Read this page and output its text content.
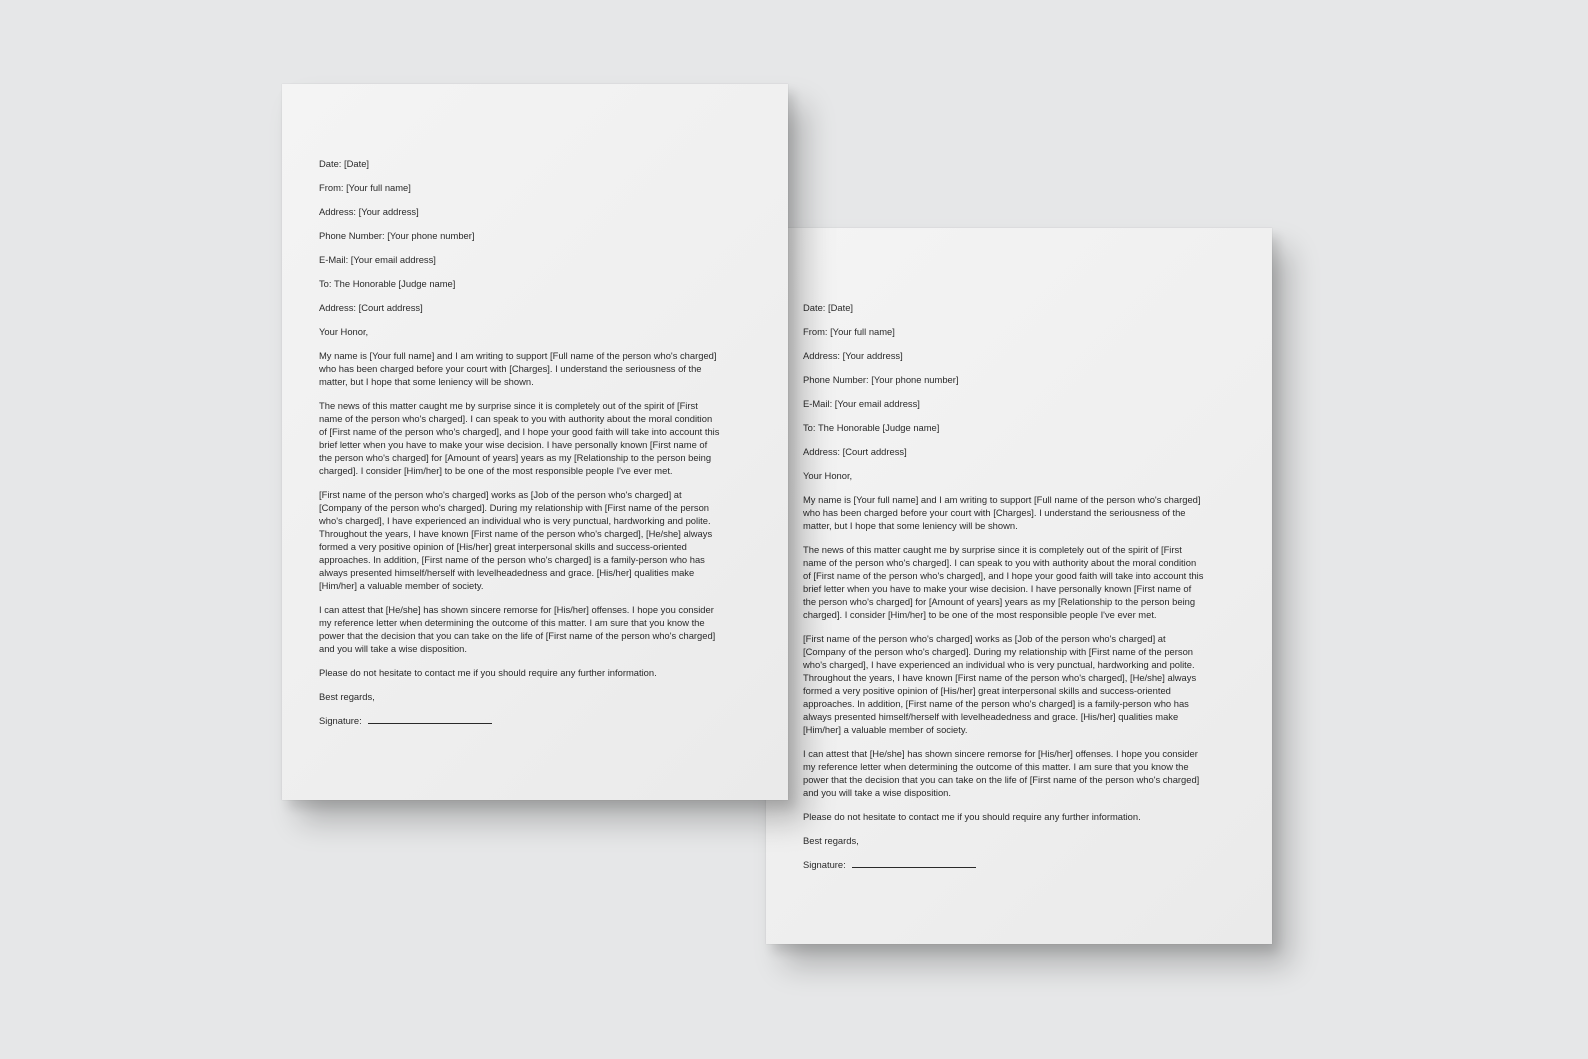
Date: [Date]
From: [Your full name]
Address: [Your address]
Phone Number: [Your phone number]
E-Mail: [Your email address]
To: The Honorable [Judge name]
Address: [Court address]
Your Honor,
My name is [Your full name] and I am writing to support [Full name of the person who's charged]
who has been charged before your court with [Charges]. I understand the seriousness of the
matter, but I hope that some leniency will be shown.
The news of this matter caught me by surprise since it is completely out of the spirit of [First
name of the person who's charged]. I can speak to you with authority about the moral condition
of [First name of the person who's charged], and I hope your good faith will take into account this
brief letter when you have to make your wise decision. I have personally known [First name of
the person who's charged] for [Amount of years] years as my [Relationship to the person being
charged]. I consider [Him/her] to be one of the most responsible people I've ever met.
[First name of the person who's charged] works as [Job of the person who's charged] at
[Company of the person who's charged]. During my relationship with [First name of the person
who's charged], I have experienced an individual who is very punctual, hardworking and polite.
Throughout the years, I have known [First name of the person who's charged], [He/she] always
formed a very positive opinion of [His/her] great interpersonal skills and success-oriented
approaches. In addition, [First name of the person who's charged] is a family-person who has
always presented himself/herself with levelheadedness and grace. [His/her] qualities make
[Him/her] a valuable member of society.
I can attest that [He/she] has shown sincere remorse for [His/her] offenses. I hope you consider
my reference letter when determining the outcome of this matter. I am sure that you know the
power that the decision that you can take on the life of [First name of the person who's charged]
and you will take a wise disposition.
Please do not hesitate to contact me if you should require any further information.
Best regards,
Signature:
Date: [Date]
From: [Your full name]
Address: [Your address]
Phone Number: [Your phone number]
E-Mail: [Your email address]
To: The Honorable [Judge name]
Address: [Court address]
Your Honor,
My name is [Your full name] and I am writing to support [Full name of the person who's charged]
who has been charged before your court with [Charges]. I understand the seriousness of the
matter, but I hope that some leniency will be shown.
The news of this matter caught me by surprise since it is completely out of the spirit of [First
name of the person who's charged]. I can speak to you with authority about the moral condition
of [First name of the person who's charged], and I hope your good faith will take into account this
brief letter when you have to make your wise decision. I have personally known [First name of
the person who's charged] for [Amount of years] years as my [Relationship to the person being
charged]. I consider [Him/her] to be one of the most responsible people I've ever met.
[First name of the person who's charged] works as [Job of the person who's charged] at
[Company of the person who's charged]. During my relationship with [First name of the person
who's charged], I have experienced an individual who is very punctual, hardworking and polite.
Throughout the years, I have known [First name of the person who's charged], [He/she] always
formed a very positive opinion of [His/her] great interpersonal skills and success-oriented
approaches. In addition, [First name of the person who's charged] is a family-person who has
always presented himself/herself with levelheadedness and grace. [His/her] qualities make
[Him/her] a valuable member of society.
I can attest that [He/she] has shown sincere remorse for [His/her] offenses. I hope you consider
my reference letter when determining the outcome of this matter. I am sure that you know the
power that the decision that you can take on the life of [First name of the person who's charged]
and you will take a wise disposition.
Please do not hesitate to contact me if you should require any further information.
Best regards,
Signature:
